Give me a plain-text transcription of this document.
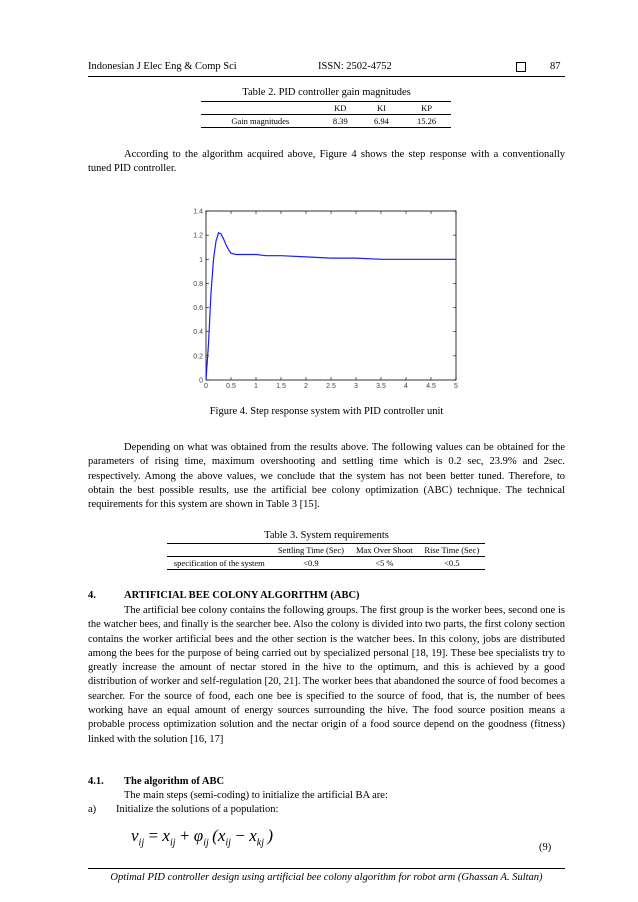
Indonesian J Elec Eng & Comp Sci	ISSN: 2502-4752	87
Table 2. PID controller gain magnitudes
	KD	KI	KP
Gain magnitudes	8.39	6.94	15.26

According to the algorithm acquired above, Figure 4 shows the step response with a conventionally tuned PID controller.

0	0.5	1	1.5	2	2.5	3	3.5	4	4.5	5
0
0.2
0.4
0.6
0.8
1
1.2
1.4
Figure 4. Step response system with PID controller unit

Depending on what was obtained from the results above. The following values can be obtained for the parameters of rising time, maximum overshooting and settling time which is 0.2 sec, 23.9% and 2sec. respectively. Among the above values, we conclude that the system has not been better tuned. Therefore, to obtain the best possible results, use the artificial bee colony optimization (ABC) technique. The technical requirements for this system are shown in Table 3 [15].

Table 3. System requirements
	Settling Time (Sec)	Max Over Shoot	Rise Time (Sec)
specification of the system	<0.9	<5 %	<0.5
4.	ARTIFICIAL BEE COLONY ALGORITHM (ABC)

The artificial bee colony contains the following groups. The first group is the worker bees, second one is the watcher bees, and finally is the searcher bee. Also the colony is divided into two parts, the first colony section contains the worker artificial bees and the other section is the watcher bees. In this colony, jobs are distributed among the bees for the purpose of being carried out by specialized personal [18, 19]. These bee specialists try to greatly increase the amount of nectar stored in the hive to the optimum, and this is achieved by a good distribution of worker and self-regulation [20, 21]. The worker bees that abandoned the source of food becomes a searcher. For the source of food, each one bee is specified to the source of food, that is, the number of bees working have an equal amount of energy sources surrounding the hive. The food source position means a probable process optimization solution and the nectar origin of a food source depend on the goodness (fitness) linked with the solution [16, 17]

4.1. The algorithm of ABC
The main steps (semi-coding) to initialize the artificial BA are:
a) Initialize the solutions of a population:
$v_{ij} = x_{ij} + \varphi_{ij}$ ($x_{ij} - x_{kj}$ )
(9)
Optimal PID controller design using artificial bee colony algorithm for robot arm (Ghassan A. Sultan)
